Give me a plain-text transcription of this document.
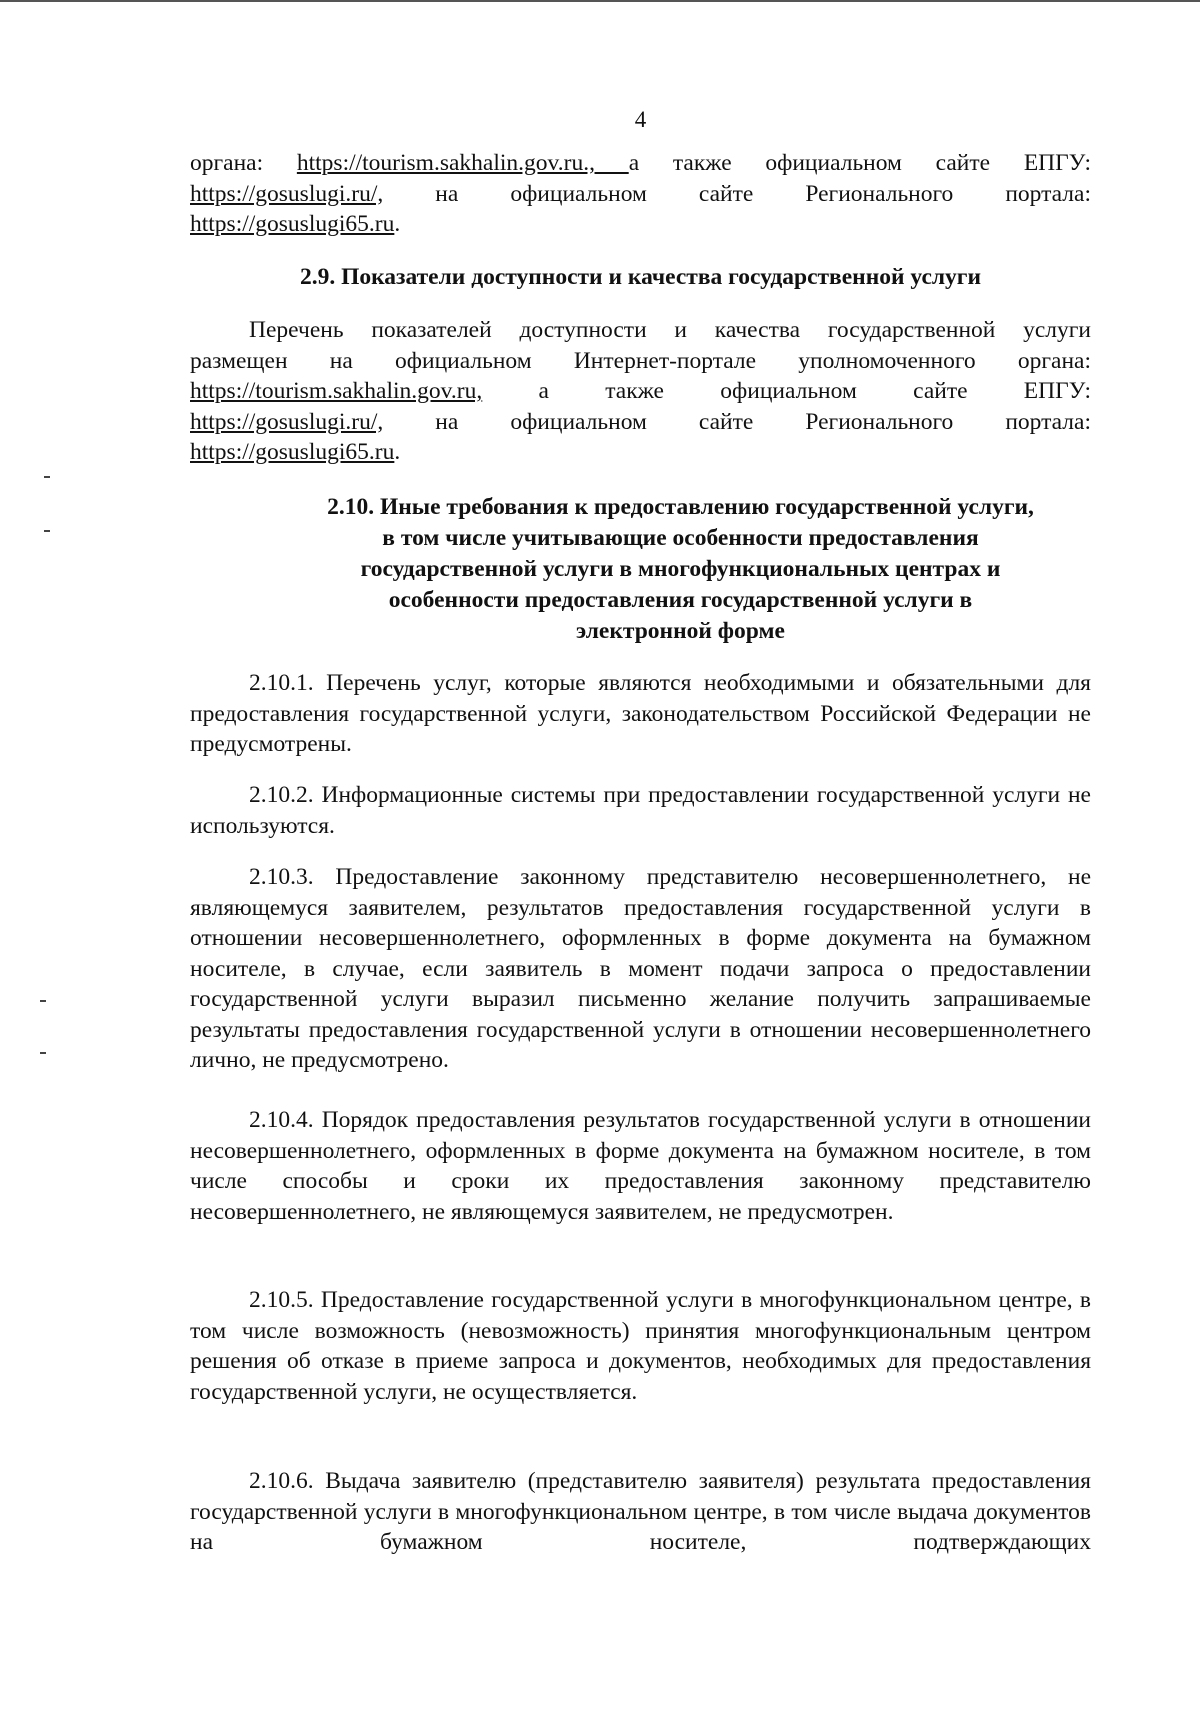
4

органа: https://tourism.sakhalin.gov.ru., а также официальном сайте ЕПГУ:
https://gosuslugi.ru/, на официальном сайте Регионального портала:
https://gosuslugi65.ru.

2.9. Показатели доступности и качества государственной услуги

Перечень показателей доступности и качества государственной услуги
размещен на официальном Интернет-портале уполномоченного органа:
https://tourism.sakhalin.gov.ru, а также официальном сайте ЕПГУ:
https://gosuslugi.ru/, на официальном сайте Регионального портала:
https://gosuslugi65.ru.

2.10. Иные требования к предоставлению государственной услуги,
в том числе учитывающие особенности предоставления
государственной услуги в многофункциональных центрах и
особенности предоставления государственной услуги в
электронной форме

2.10.1. Перечень услуг, которые являются необходимыми и обязательными для предоставления государственной услуги, законодательством Российской Федерации не предусмотрены.

2.10.2. Информационные системы при предоставлении государственной услуги не используются.

2.10.3. Предоставление законному представителю несовершеннолетнего, не являющемуся заявителем, результатов предоставления государственной услуги в отношении несовершеннолетнего, оформленных в форме документа на бумажном носителе, в случае, если заявитель в момент подачи запроса о предоставлении государственной услуги выразил письменно желание получить запрашиваемые результаты предоставления государственной услуги в отношении несовершеннолетнего лично, не предусмотрено.

2.10.4. Порядок предоставления результатов государственной услуги в отношении несовершеннолетнего, оформленных в форме документа на бумажном носителе, в том числе способы и сроки их предоставления законному представителю несовершеннолетнего, не являющемуся заявителем, не предусмотрен.

2.10.5. Предоставление государственной услуги в многофункциональном центре, в том числе возможность (невозможность) принятия многофункциональным центром решения об отказе в приеме запроса и документов, необходимых для предоставления государственной услуги, не осуществляется.

2.10.6. Выдача заявителю (представителю заявителя) результата предоставления государственной услуги в многофункциональном центре, в том числе выдача документов на бумажном носителе, подтверждающих
